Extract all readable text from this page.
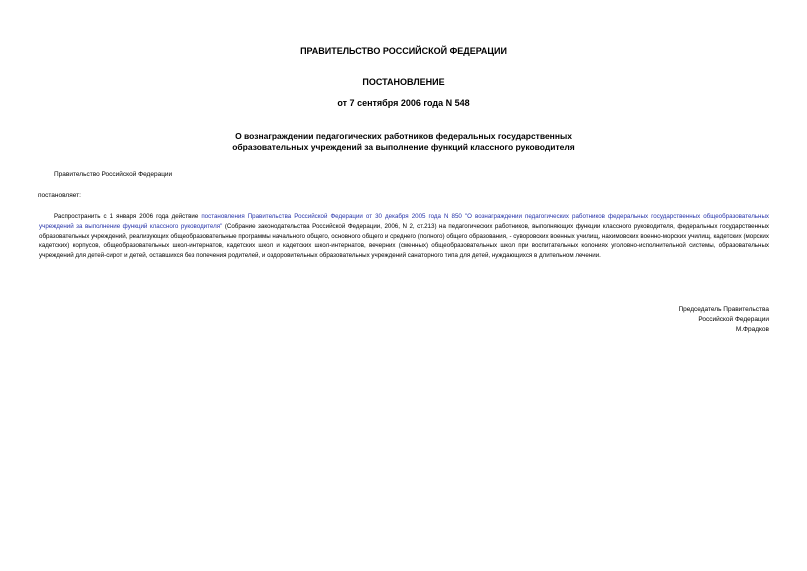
ПРАВИТЕЛЬСТВО РОССИЙСКОЙ ФЕДЕРАЦИИ
ПОСТАНОВЛЕНИЕ
от 7 сентября 2006 года N 548
О вознаграждении педагогических работников федеральных государственных
образовательных учреждений за выполнение функций классного руководителя
Правительство Российской Федерации
постановляет:
Распространить с 1 января 2006 года действие постановления Правительства Российской Федерации от 30 декабря 2005 года N 850 "О вознаграждении педагогических работников федеральных государственных общеобразовательных учреждений за выполнение функций классного руководителя" (Собрание законодательства Российской Федерации, 2006, N 2, ст.213) на педагогических работников, выполняющих функции классного руководителя, федеральных государственных образовательных учреждений, реализующих общеобразовательные программы начального общего, основного общего и среднего (полного) общего образования, - суворовских военных училищ, нахимовских военно-морских училищ, кадетских (морских кадетских) корпусов, общеобразовательных школ-интернатов, кадетских школ и кадетских школ-интернатов, вечерних (сменных) общеобразовательных школ при воспитательных колониях уголовно-исполнительной системы, образовательных учреждений для детей-сирот и детей, оставшихся без попечения родителей, и оздоровительных образовательных учреждений санаторного типа для детей, нуждающихся в длительном лечении.
Председатель Правительства
Российской Федерации
М.Фрадков
